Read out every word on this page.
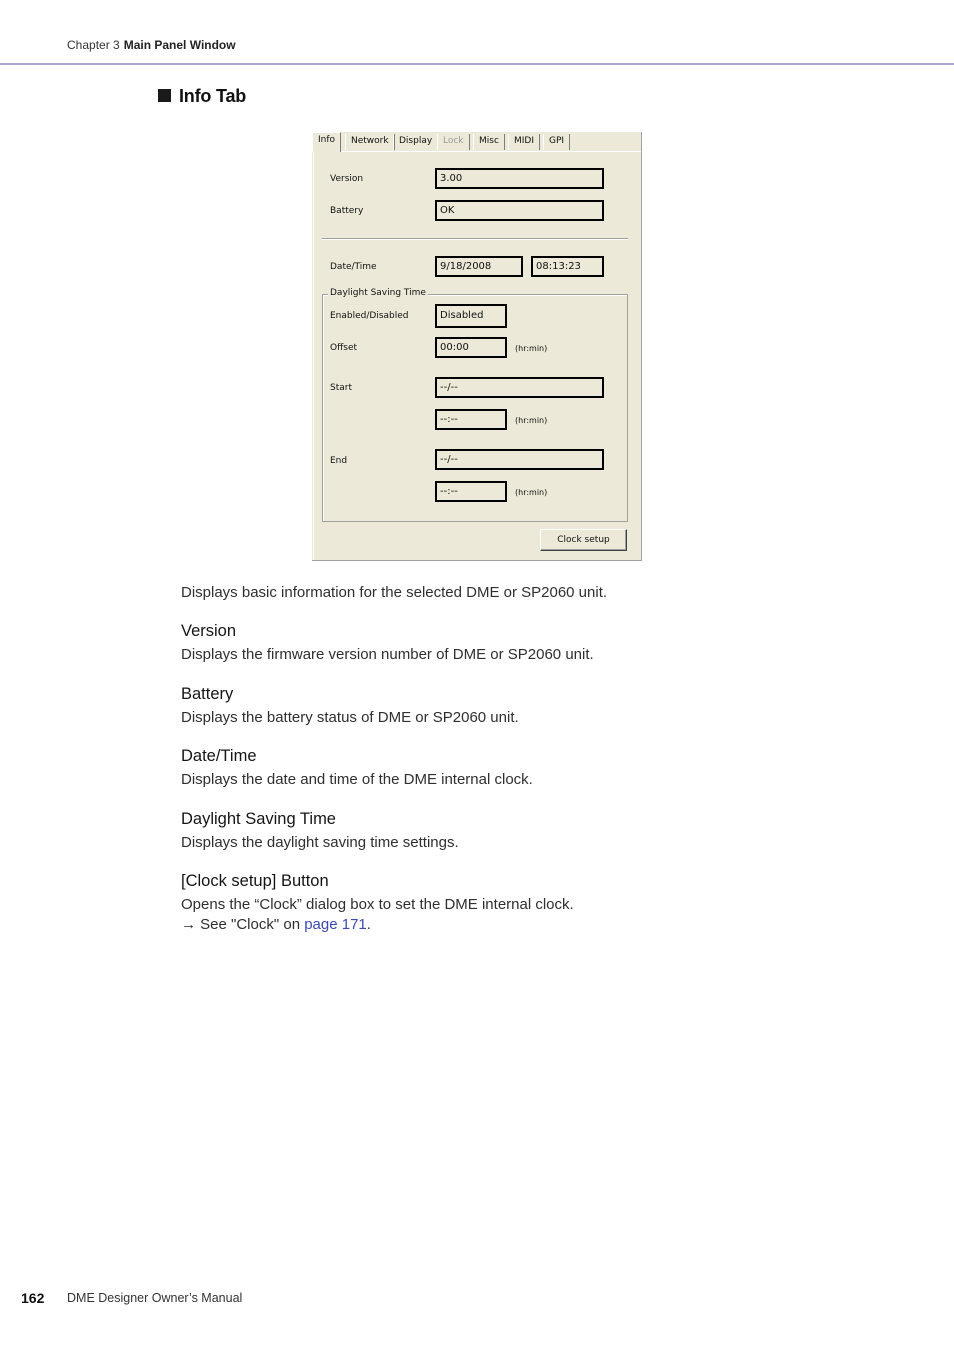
Chapter 3 Main Panel Window
Info Tab
Info	Network	Display	Lock	Misc	MIDI	GPI
Version	3.00
Battery	OK
Date/Time	9/18/2008	08:13:23
Daylight Saving Time
Enabled/Disabled	Disabled
Offset	00:00	(hr:min)
Start	--/--
--:--	(hr:min)
End	--/--
--:--	(hr:min)
Clock setup
Displays basic information for the selected DME or SP2060 unit.
Version
Displays the firmware version number of DME or SP2060 unit.
Battery
Displays the battery status of DME or SP2060 unit.
Date/Time
Displays the date and time of the DME internal clock.
Daylight Saving Time
Displays the daylight saving time settings.
[Clock setup] Button
Opens the “Clock” dialog box to set the DME internal clock.
→ See "Clock" on page 171.
162 DME Designer Owner’s Manual
